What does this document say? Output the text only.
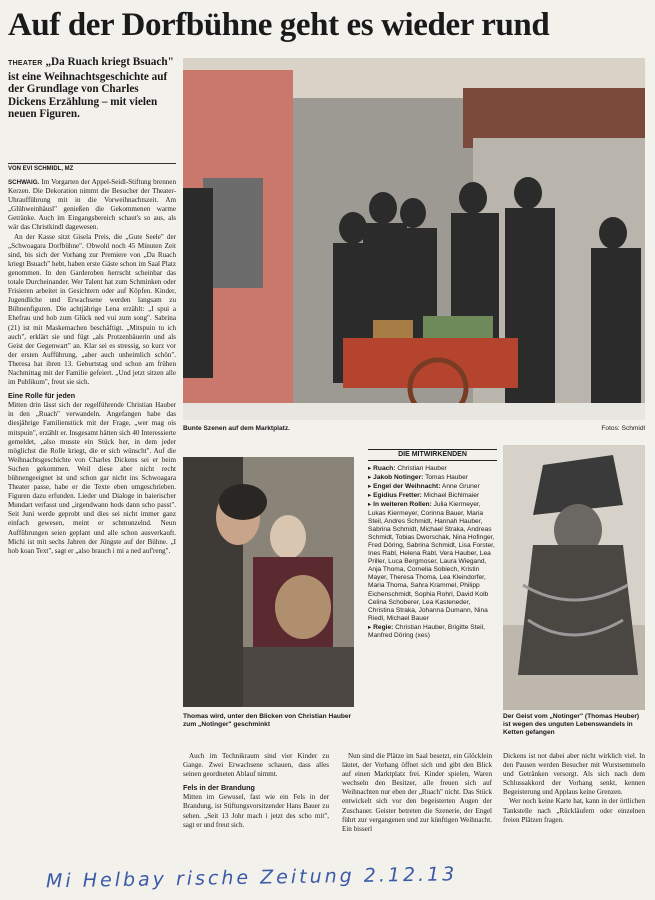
Auf der Dorfbühne geht es wieder rund
THEATER „Da Ruach kriegt Bsuach" ist eine Weihnachtsgeschichte auf der Grundlage von Charles Dickens Erzählung – mit vielen neuen Figuren.
VON EVI SCHMIDL, MZ

SCHWAIG. Im Vorgarten der Appel-Seidl-Stiftung brennen Kerzen. Die Dekoration nimmt die Besucher der Theater-Uhraufführung mit in die Vorweihnachtszeit. Am „Glühweinhäusl" genießen die Gekommenen warme Getränke. Auch im Eingangsbereich schaut's so aus, als wär das Christkindl dagewesen.

An der Kasse sitzt Gisela Preis, die „Gute Seele" der „Schwoagara Dorfbühne". Obwohl noch 45 Minuten Zeit sind, bis sich der Vorhang zur Premiere von „Da Ruach kriegt Bsuach" hebt, haben erste Gäste schon im Saal Platz genommen. In den Garderoben herrscht scheinbar das totale Durcheinander. Wer Talent hat zum Schminken oder Frisieren arbeitet in Gesichtern oder auf Köpfen. Kinder, Jugendliche und Erwachsene werden langsam zu Bühnenfiguren. Die achtjährige Lena erzählt: „I spui a Ehefrau und hob zum Glück ned vui zum song". Sabrina (21) ist mit Maskemachen beschäftigt. „Mitspuin tu ich auch", erklärt sie und fügt „als Protzenbäuerin und als Geist der Gegenwart" an. Klar sei es stressig, so kurz vor der ersten Aufführung, „aber auch unheimlich schön". Theresa hat ihren 13. Geburtstag und schon am frühen Nachmittag mit der Familie gefeiert. „Und jetzt sitzen alle im Publikum", freut sie sich.

Eine Rolle für jeden

Mitten drin lässt sich der regelführende Christian Hauber in den „Ruach" verwandeln. Angefangen habe das diesjährige Familienstück mit der Frage, „wer mag ois mitspuin", erzählt er. Insgesamt hätten sich 40 Interessierte gemeldet, „also musste ein Stück her, in dem jeder möglichst die Rolle kriegt, die er sich wünscht". Auf die Weihnachtsgeschichte von Charles Dickens sei er beim Suchen gekommen. Weil diese aber nicht recht bühnengeeignet ist und schon gar nicht ins Schwoagara Theater passe, habe er die Texte eben umgeschrieben. Figuren dazu erfunden. Lieder und Dialoge in baierischer Mundart verfasst und „irgendwann hods dann scho passt". Seit Juni werde geprobt und dies sei nicht immer ganz einfach gewesen, meint er schmunzelnd. Neun Aufführungen seien geplant und alle schon ausverkauft. Michi ist mit sechs Jahren der Jüngste auf der Bühne. „I hob koan Text", sagt er „also brauch i mi a ned auf'reng".

Bunte Szenen auf dem Marktplatz.	Fotos: Schmidl
Thomas wird, unter den Blicken von Christian Hauber zum „Notinger" geschminkt
DIE MITWIRKENDEN
▸ Ruach: Christian Hauber
▸ Jakob Notinger: Tomas Hauber
▸ Engel der Weihnacht: Anne Gruner
▸ Egidius Fretter: Michael Bichlmaier
▸ In weiteren Rollen: Julia Kiermeyer, Lukas Kiermeyer, Corinna Bauer, Maria Steil, Andres Schmidt, Hannah Hauber, Sabrina Schmidt, Michael Straka, Andreas Schmidt, Tobias Dworschak, Nina Hofinger, Fred Döring, Sabrina Schmidt, Lisa Forster, Ines Rabl, Helena Rabl, Vera Hauber, Lea Priller, Luca Bergmoser, Laura Wiegand, Anja Thoma, Cornelia Sobiech, Kristin Mayer, Theresa Thoma, Lea Kleindorfer, Maria Thoma, Sahra Krammel, Philipp Eichenschmidt, Sophia Rohrl, David Kolb Celina Schoberer, Lea Kasteneder, Christina Straka, Johanna Dumann, Nina Riedl, Michael Bauer
▸ Regie: Christian Hauber, Brigitte Steil, Manfred Döring (xes)
Der Geist vom „Notinger" (Thomas Heuber) ist wegen des unguten Lebenswandels in Ketten gefangen

Auch im Technikraum sind vier Kinder zu Gange. Zwei Erwachsene schauen, dass alles seinen geordneten Ablauf nimmt.

Fels in der Brandung

Mitten im Gewusel, fast wie ein Fels in der Brandung, ist Stiftungsvorsitzender Hans Bauer zu sehen. „Seit 13 Johr mach i jetzt des scho mit", sagt er und freut sich.

Nun sind die Plätze im Saal besetzt, ein Glöcklein läutet, der Vorhang öffnet sich und gibt den Blick auf einen Marktplatz frei. Kinder spielen, Waren wechseln den Besitzer, alle freuen sich auf Weihnachten nur eben der „Ruach" nicht. Das Stück entwickelt sich vor den begeisterten Augen der Zuschauer. Geister betreten die Szenerie, der Engel führt zur vergangenen und zur künftigen Weihnacht. Ein bisserl

Dickens ist not dabei aber nicht wirklich viel. In den Pausen werden Besucher mit Wurstsemmeln und Getränken versorgt. Als sich nach dem Schlussakkord der Vorhang senkt, kennen Begeisterung und Applaus keine Grenzen.

Wer noch keine Karte hat, kann in der örtlichen Tankstelle nach „Rückläufern oder einzelnen freien Plätzen fragen.

Mi Helbay rische Zeitung 2.12.13
